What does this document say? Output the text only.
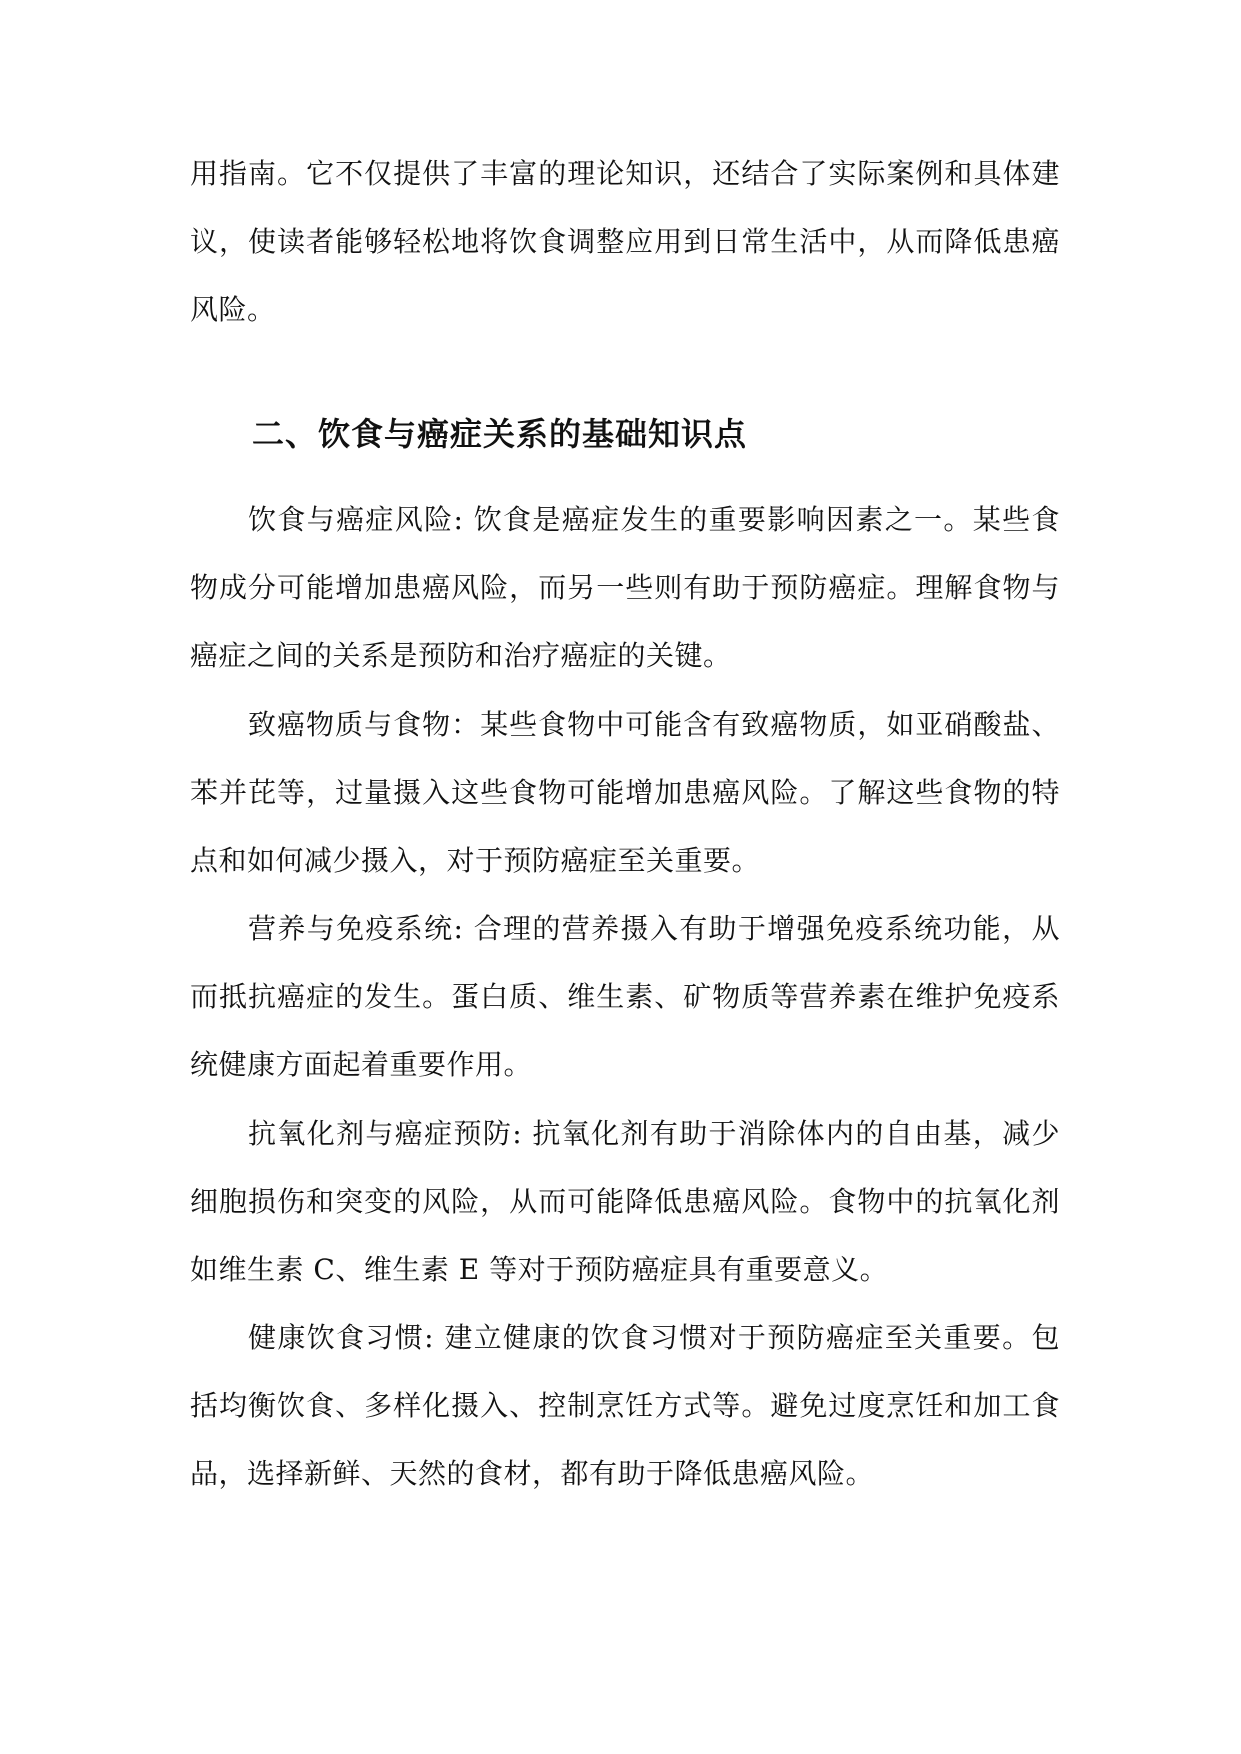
用指南。它不仅提供了丰富的理论知识，还结合了实际案例和具体建议，使读者能够轻松地将饮食调整应用到日常生活中，从而降低患癌风险。

二、饮食与癌症关系的基础知识点

饮食与癌症风险: 饮食是癌症发生的重要影响因素之一。某些食物成分可能增加患癌风险，而另一些则有助于预防癌症。理解食物与癌症之间的关系是预防和治疗癌症的关键。

致癌物质与食物：某些食物中可能含有致癌物质，如亚硝酸盐、苯并芘等，过量摄入这些食物可能增加患癌风险。了解这些食物的特点和如何减少摄入，对于预防癌症至关重要。

营养与免疫系统: 合理的营养摄入有助于增强免疫系统功能，从而抵抗癌症的发生。蛋白质、维生素、矿物质等营养素在维护免疫系统健康方面起着重要作用。

抗氧化剂与癌症预防: 抗氧化剂有助于消除体内的自由基，减少细胞损伤和突变的风险，从而可能降低患癌风险。食物中的抗氧化剂如维生素 C、维生素 E 等对于预防癌症具有重要意义。

健康饮食习惯: 建立健康的饮食习惯对于预防癌症至关重要。包括均衡饮食、多样化摄入、控制烹饪方式等。避免过度烹饪和加工食品，选择新鲜、天然的食材，都有助于降低患癌风险。
